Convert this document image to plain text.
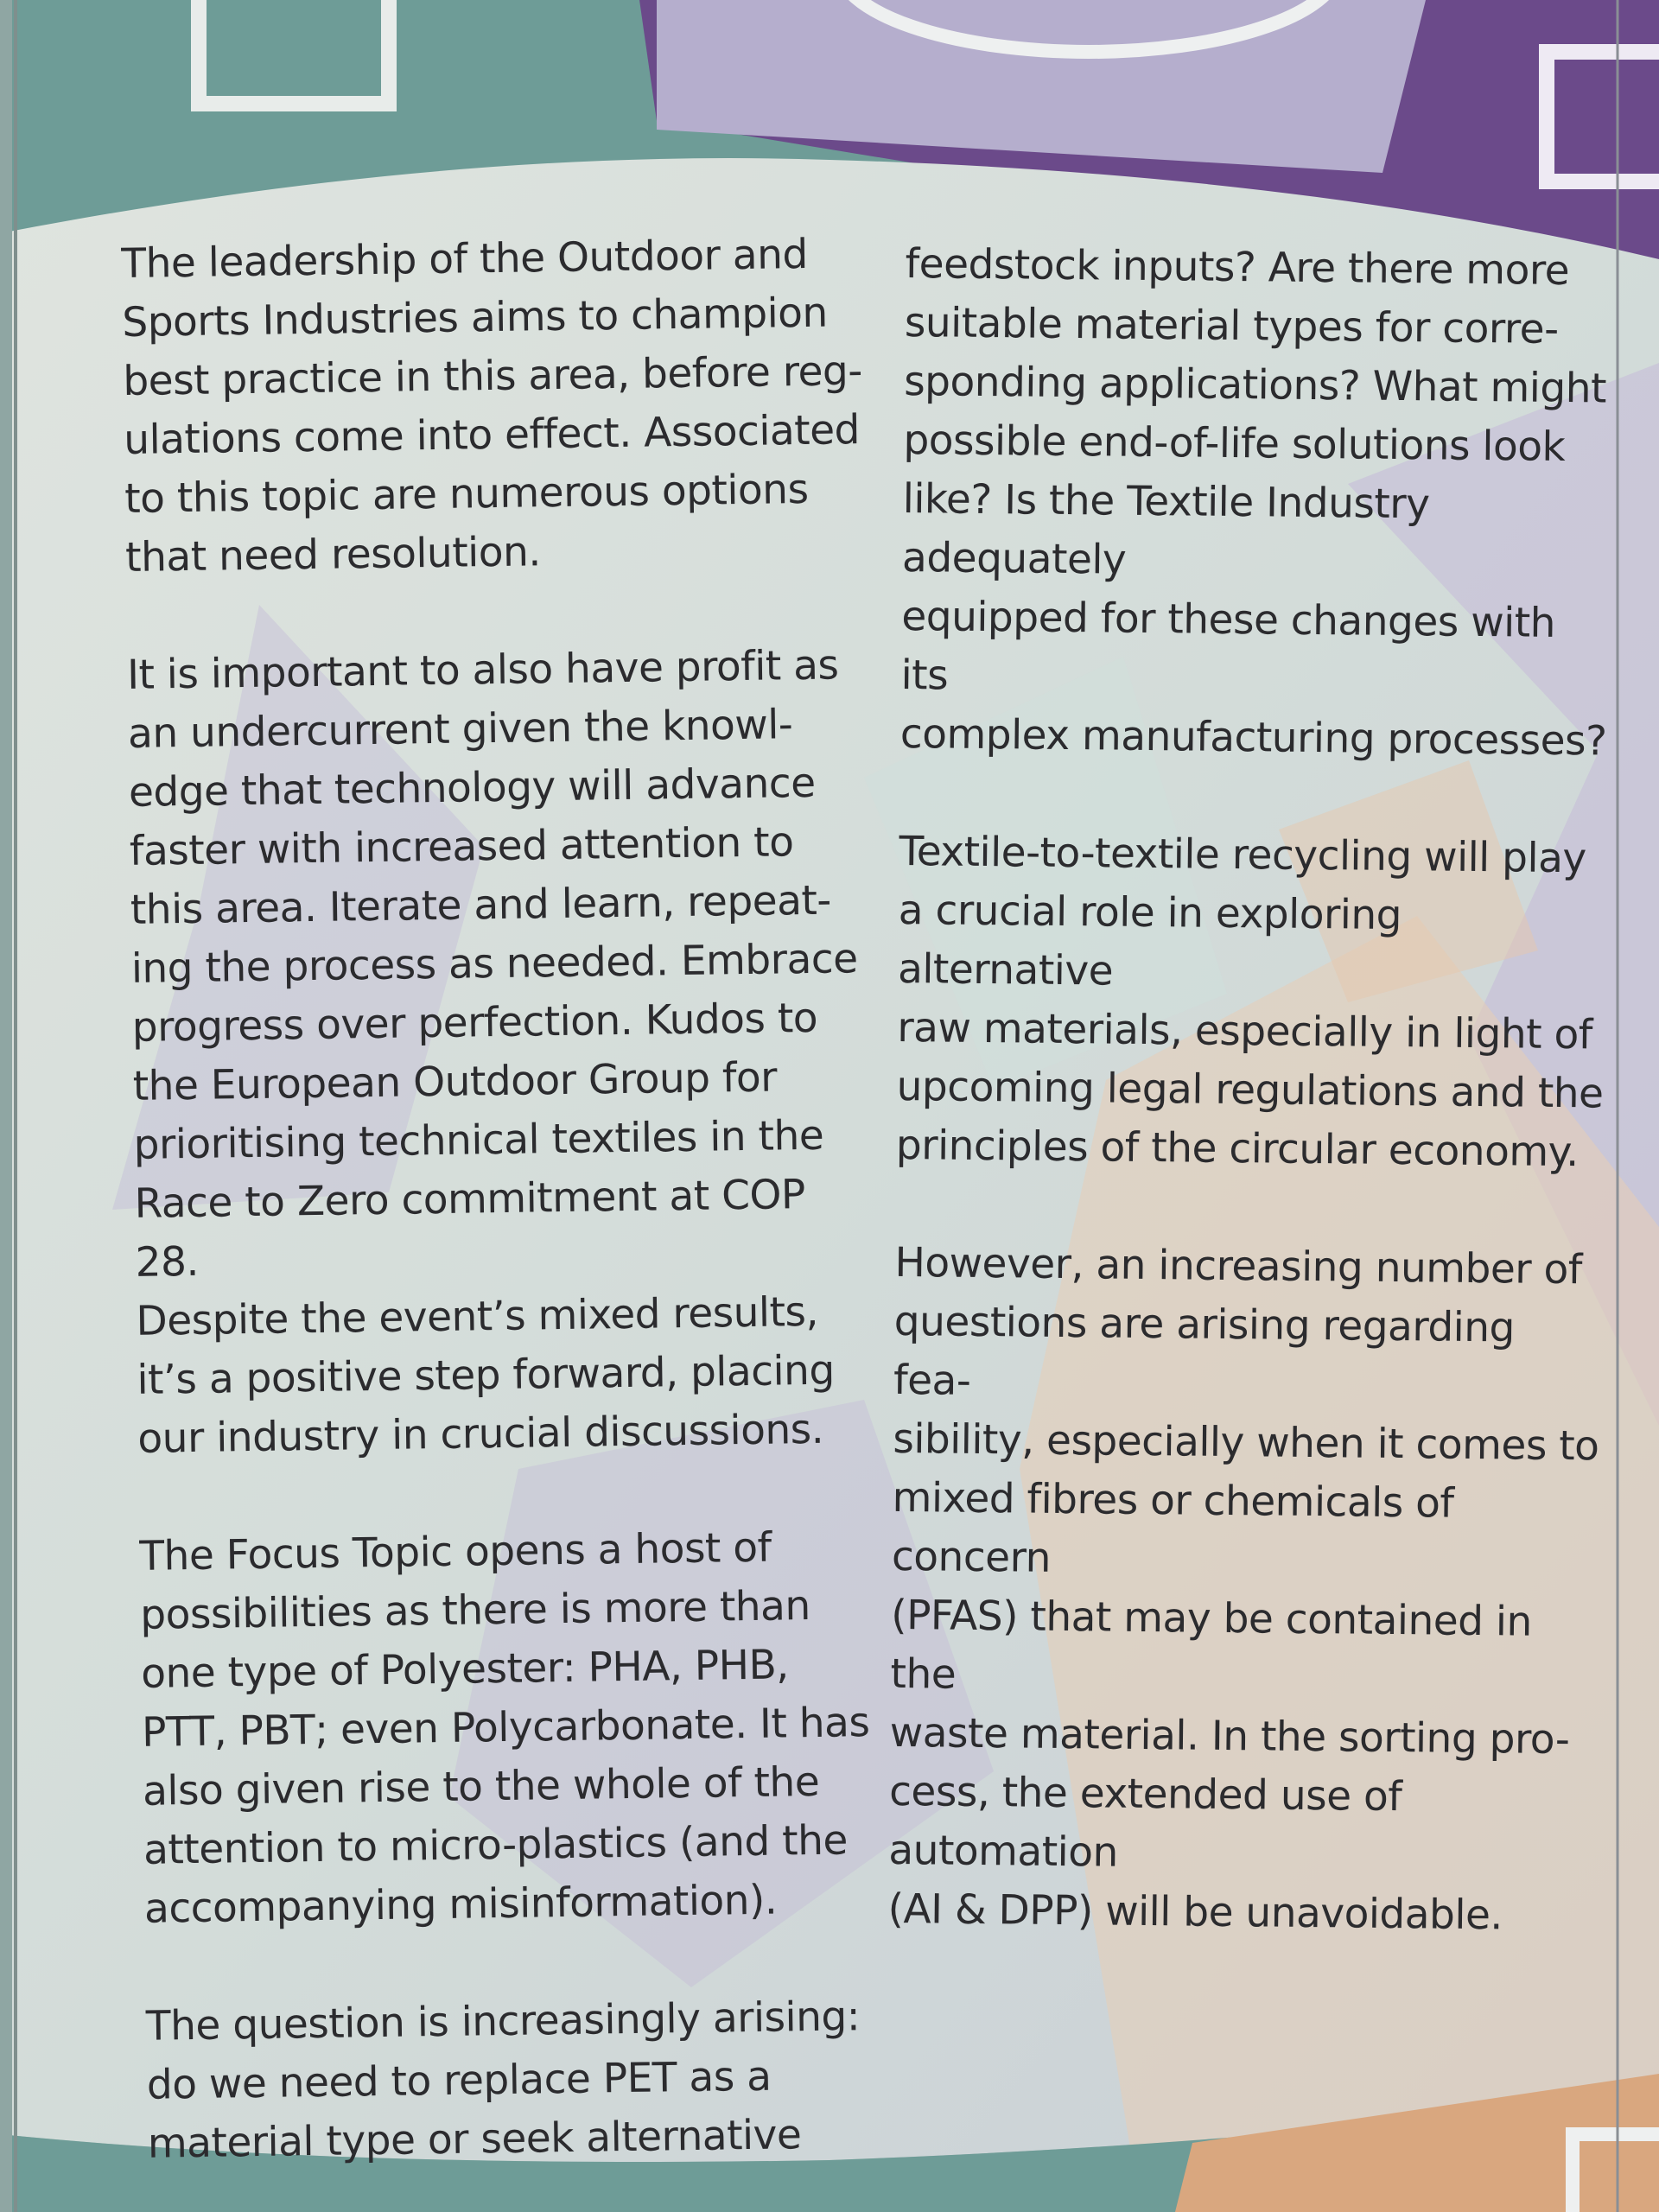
The leadership of the Outdoor and
Sports Industries aims to champion
best practice in this area, before reg-
ulations come into effect. Associated
to this topic are numerous options
that need resolution.

It is important to also have profit as
an undercurrent given the knowl-
edge that technology will advance
faster with increased attention to
this area. Iterate and learn, repeat-
ing the process as needed. Embrace
progress over perfection. Kudos to
the European Outdoor Group for
prioritising technical textiles in the
Race to Zero commitment at COP 28.
Despite the event’s mixed results,
it’s a positive step forward, placing
our industry in crucial discussions.

The Focus Topic opens a host of
possibilities as there is more than
one type of Polyester: PHA, PHB,
PTT, PBT; even Polycarbonate. It has
also given rise to the whole of the
attention to micro-plastics (and the
accompanying misinformation).

The question is increasingly arising:
do we need to replace PET as a
material type or seek alternative

feedstock inputs? Are there more
suitable material types for corre-
sponding applications? What might
possible end-of-life solutions look
like? Is the Textile Industry adequately
equipped for these changes with its
complex manufacturing processes?

Textile-to-textile recycling will play
a crucial role in exploring alternative
raw materials, especially in light of
upcoming legal regulations and the
principles of the circular economy.

However, an increasing number of
questions are arising regarding fea-
sibility, especially when it comes to
mixed fibres or chemicals of concern
(PFAS) that may be contained in the
waste material. In the sorting pro-
cess, the extended use of automation
(AI & DPP) will be unavoidable.
